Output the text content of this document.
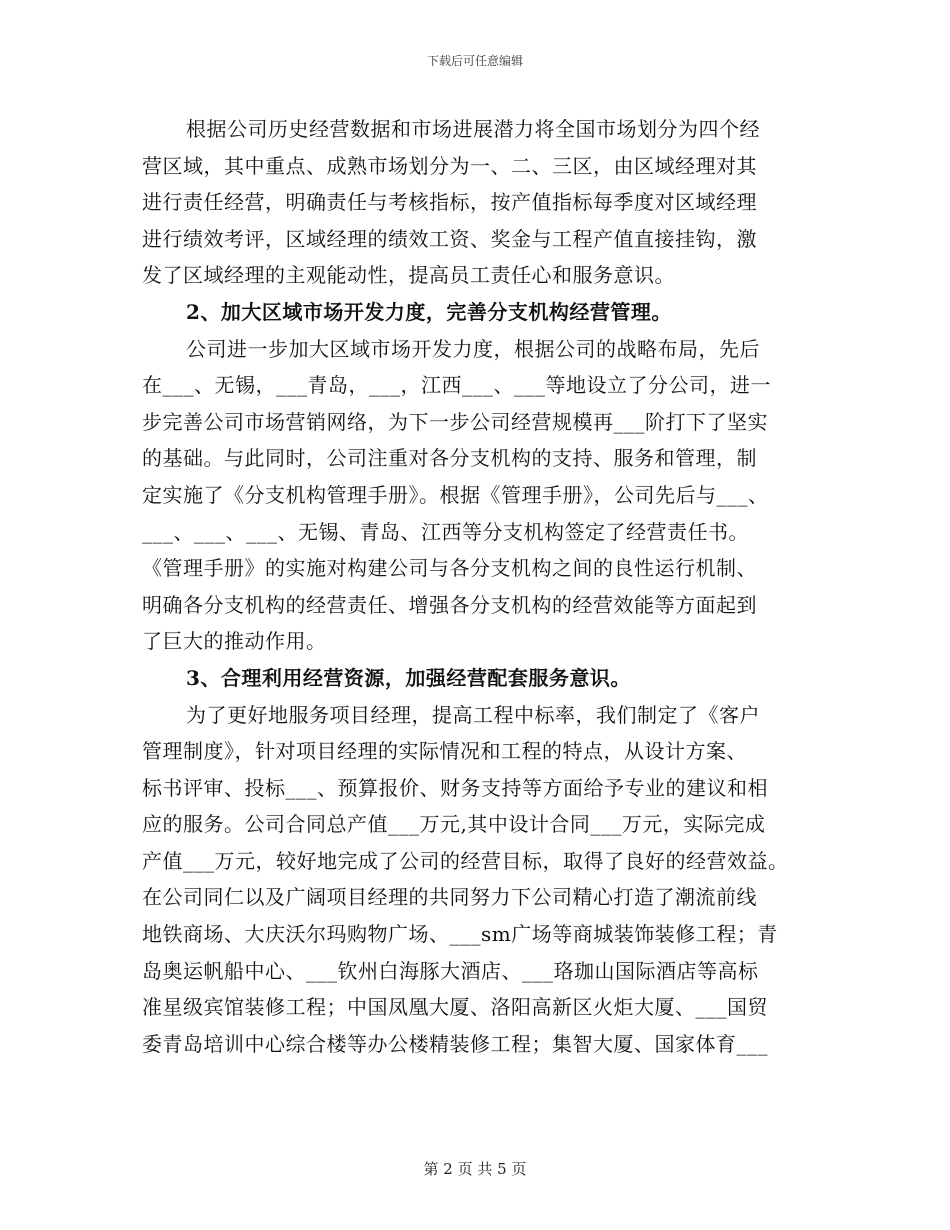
下载后可任意编辑
根据公司历史经营数据和市场进展潜力将全国市场划分为四个经
营区域，其中重点、成熟市场划分为一、二、三区，由区域经理对其
进行责任经营，明确责任与考核指标，按产值指标每季度对区域经理
进行绩效考评，区域经理的绩效工资、奖金与工程产值直接挂钩，激
发了区域经理的主观能动性，提高员工责任心和服务意识。
2、加大区域市场开发力度，完善分支机构经营管理。
公司进一步加大区域市场开发力度，根据公司的战略布局，先后
在___、无锡，___青岛，___，江西___、___等地设立了分公司，进一
步完善公司市场营销网络，为下一步公司经营规模再___阶打下了坚实
的基础。与此同时，公司注重对各分支机构的支持、服务和管理，制
定实施了《分支机构管理手册》。根据《管理手册》，公司先后与___、
___、___、___、无锡、青岛、江西等分支机构签定了经营责任书。
《管理手册》的实施对构建公司与各分支机构之间的良性运行机制、
明确各分支机构的经营责任、增强各分支机构的经营效能等方面起到
了巨大的推动作用。
3、合理利用经营资源，加强经营配套服务意识。
为了更好地服务项目经理，提高工程中标率，我们制定了《客户
管理制度》，针对项目经理的实际情况和工程的特点，从设计方案、
标书评审、投标___、预算报价、财务支持等方面给予专业的建议和相
应的服务。公司合同总产值___万元,其中设计合同___万元，实际完成
产值___万元，较好地完成了公司的经营目标，取得了良好的经营效益。
在公司同仁以及广阔项目经理的共同努力下公司精心打造了潮流前线
地铁商场、大庆沃尔玛购物广场、___sm广场等商城装饰装修工程；青
岛奥运帆船中心、___钦州白海豚大酒店、___珞珈山国际酒店等高标
准星级宾馆装修工程；中国凤凰大厦、洛阳高新区火炬大厦、___国贸
委青岛培训中心综合楼等办公楼精装修工程；集智大厦、国家体育___
第 2 页 共 5 页
